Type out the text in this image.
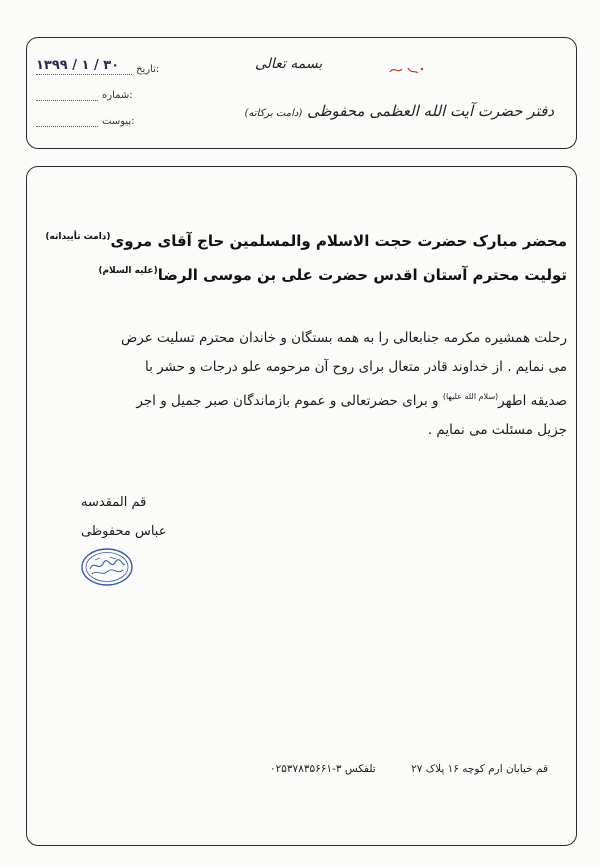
بسمه تعالی
دفتر حضرت آیت الله العظمی محفوظی (دامت برکاته)
تاریخ:
۱۳۹۹ / ۱ / ۳۰
شماره:
پیوست:
محضر مبارک حضرت حجت الاسلام والمسلمین حاج آقای مروی$^{(دامت تأییداته)}$
تولیت محترم آستان اقدس حضرت علی بن موسی الرضا$^{(علیه السلام)}$

رحلت همشیره مکرمه جنابعالی را به همه بستگان و خاندان محترم تسلیت عرض

می نمایم . از خداوند قادر متعال برای روح آن مرحومه علو درجات و حشر با

صدیقه اطهر$^{(سلام الله علیها)}$ و برای حضرتعالی و عموم بازماندگان صبر جمیل و اجر

جزیل مسئلت می نمایم .

قم المقدسه
عباس محفوظی
قم خیابان ارم کوچه ۱۶ پلاک ۲۷
تلفکس ۳-۰۲۵۳۷۸۳۵۶۶۱
